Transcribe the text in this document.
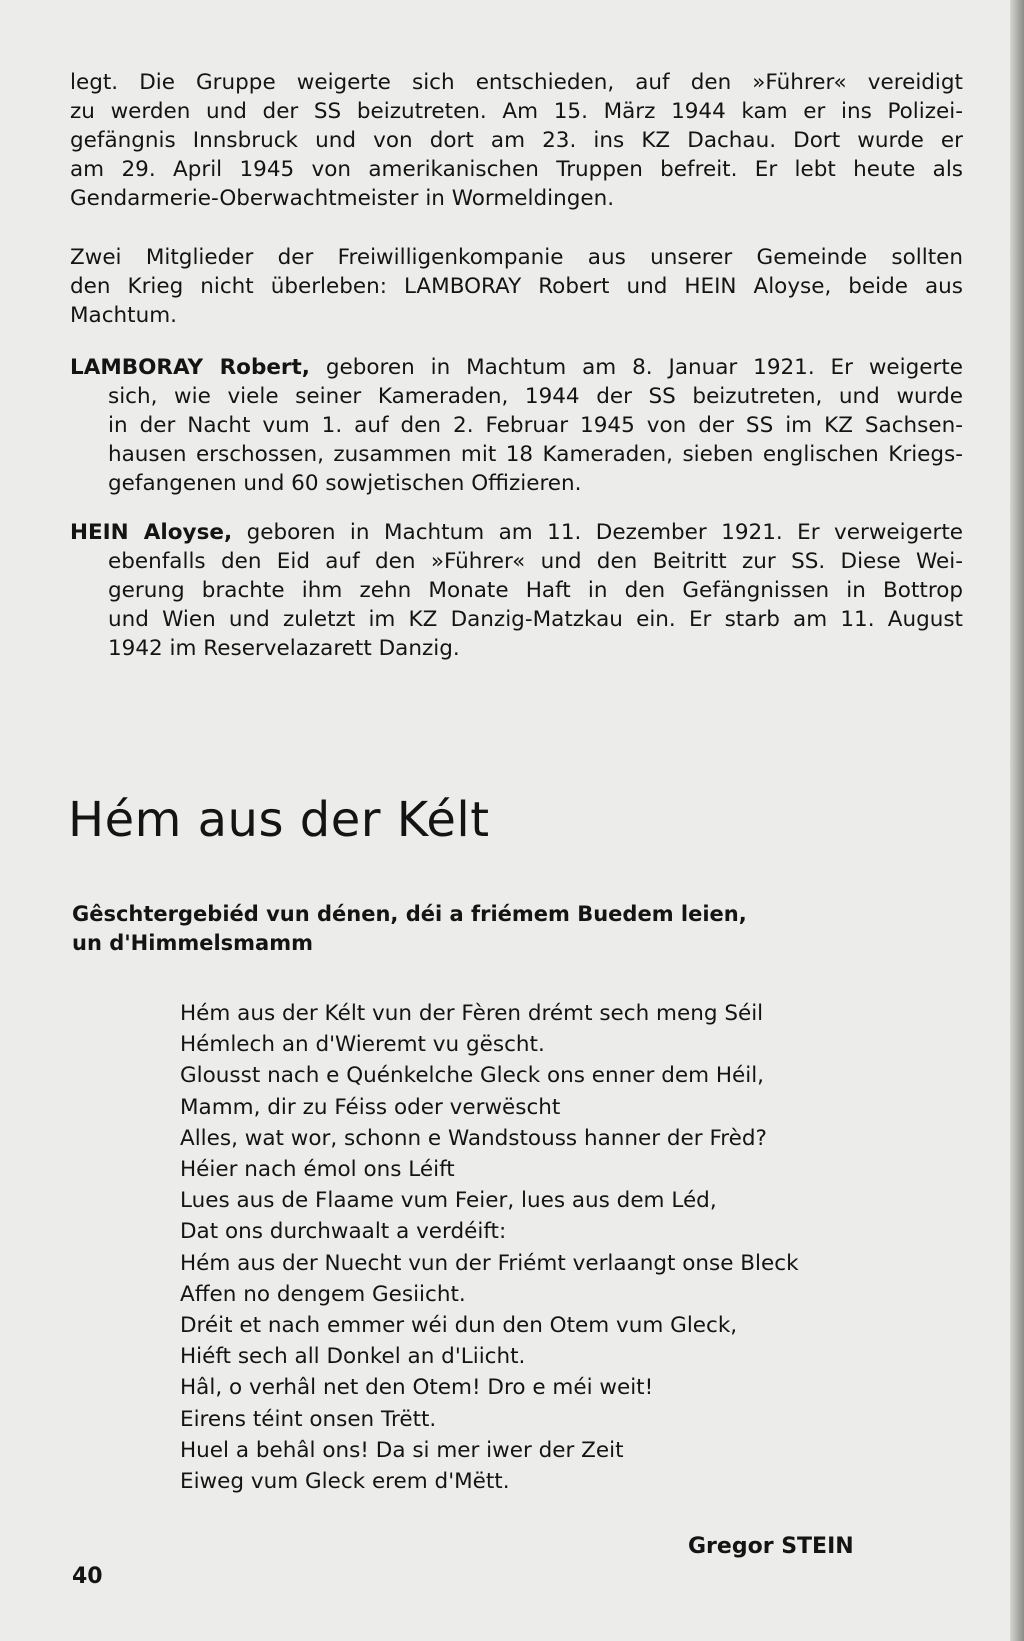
legt. Die Gruppe weigerte sich entschieden, auf den »Führer« vereidigt
zu werden und der SS beizutreten. Am 15. März 1944 kam er ins Polizei-
gefängnis Innsbruck und von dort am 23. ins KZ Dachau. Dort wurde er
am 29. April 1945 von amerikanischen Truppen befreit. Er lebt heute als
Gendarmerie-Oberwachtmeister in Wormeldingen.

Zwei Mitglieder der Freiwilligenkompanie aus unserer Gemeinde sollten
den Krieg nicht überleben: LAMBORAY Robert und HEIN Aloyse, beide aus
Machtum.

LAMBORAY Robert, geboren in Machtum am 8. Januar 1921. Er weigerte
sich, wie viele seiner Kameraden, 1944 der SS beizutreten, und wurde
in der Nacht vum 1. auf den 2. Februar 1945 von der SS im KZ Sachsen-
hausen erschossen, zusammen mit 18 Kameraden, sieben englischen Kriegs-
gefangenen und 60 sowjetischen Offizieren.

HEIN Aloyse, geboren in Machtum am 11. Dezember 1921. Er verweigerte
ebenfalls den Eid auf den »Führer« und den Beitritt zur SS. Diese Wei-
gerung brachte ihm zehn Monate Haft in den Gefängnissen in Bottrop
und Wien und zuletzt im KZ Danzig-Matzkau ein. Er starb am 11. August
1942 im Reservelazarett Danzig.

Hém aus der Kélt
Gêschtergebiéd vun dénen, déi a friémem Buedem leien,
un d'Himmelsmamm
Hém aus der Kélt vun der Fèren drémt sech meng Séil
Hémlech an d'Wieremt vu gëscht.
Glousst nach e Quénkelche Gleck ons enner dem Héil,
Mamm, dir zu Féiss oder verwëscht
Alles, wat wor, schonn e Wandstouss hanner der Frèd?
Héier nach émol ons Léift
Lues aus de Flaame vum Feier, lues aus dem Léd,
Dat ons durchwaalt a verdéift:
Hém aus der Nuecht vun der Friémt verlaangt onse Bleck
Affen no dengem Gesiicht.
Dréit et nach emmer wéi dun den Otem vum Gleck,
Hiéft sech all Donkel an d'Liicht.
Hâl, o verhâl net den Otem! Dro e méi weit!
Eirens téint onsen Trëtt.
Huel a behâl ons! Da si mer iwer der Zeit
Eiweg vum Gleck erem d'Mëtt.
Gregor STEIN
40
